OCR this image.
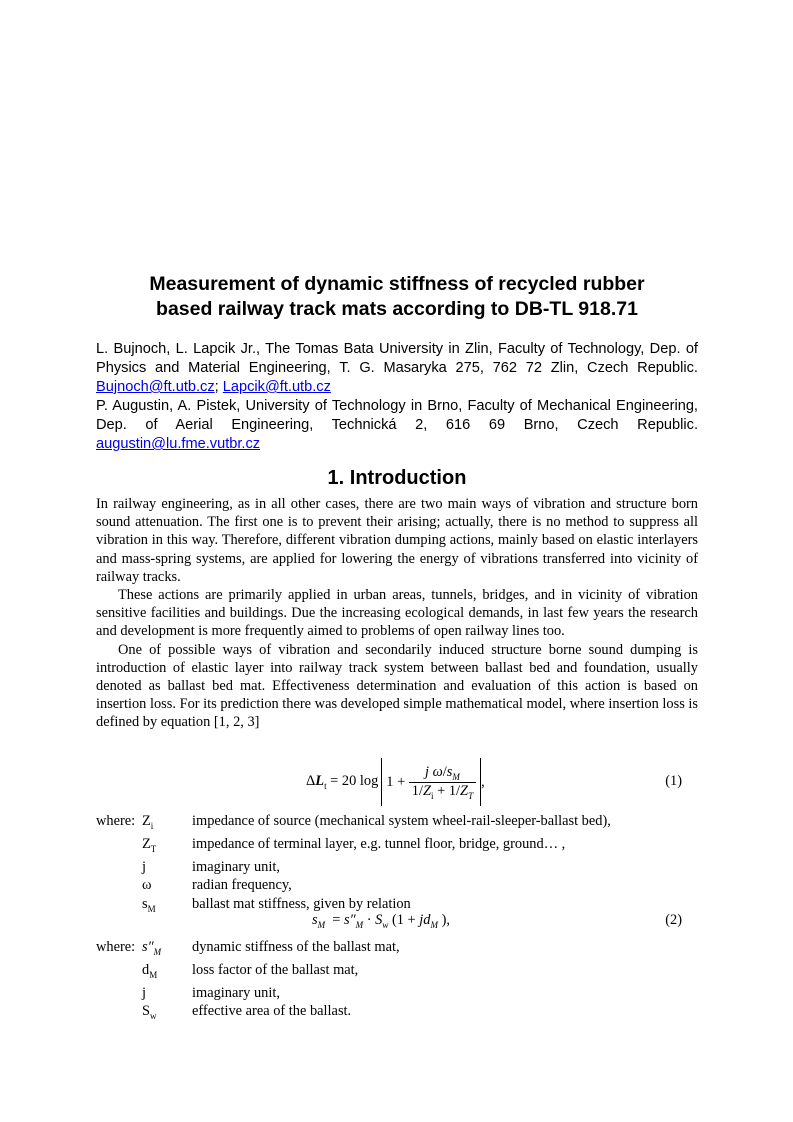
Measurement of dynamic stiffness of recycled rubber
based railway track mats according to DB-TL 918.71

L. Bujnoch, L. Lapcik Jr., The Tomas Bata University in Zlin, Faculty of Technology, Dep. of Physics and Material Engineering, T. G. Masaryka 275, 762 72 Zlin, Czech Republic. Bujnoch@ft.utb.cz; Lapcik@ft.utb.cz

P. Augustin, A. Pistek, University of Technology in Brno, Faculty of Mechanical Engineering, Dep. of Aerial Engineering, Technická 2, 616 69 Brno, Czech Republic. augustin@lu.fme.vutbr.cz

1. Introduction

In railway engineering, as in all other cases, there are two main ways of vibration and structure born sound attenuation. The first one is to prevent their arising; actually, there is no method to suppress all vibration in this way. Therefore, different vibration dumping actions, mainly based on elastic interlayers and mass-spring systems, are applied for lowering the energy of vibrations transferred into vicinity of railway tracks.

These actions are primarily applied in urban areas, tunnels, bridges, and in vicinity of vibration sensitive facilities and buildings. Due the increasing ecological demands, in last few years the research and development is more frequently aimed to problems of open railway lines too.

One of possible ways of vibration and secondarily induced structure borne sound dumping is introduction of elastic layer into railway track system between ballast bed and foundation, usually denoted as ballast bed mat. Effectiveness determination and evaluation of this action is based on insertion loss. For its prediction there was developed simple mathematical model, where insertion loss is defined by equation [1, 2, 3]

$\Delta L_t = 20$ $\log 1 + \frac{j \omega/s_M}{1/Z_i + 1/Z_T}$ ,	(1)
where: $Z_i$	impedance of source (mechanical system wheel-rail-sleeper-ballast bed),
$Z_T$	impedance of terminal layer, e.g. tunnel floor, bridge, ground… ,
j	imaginary unit,
ω	radian frequency,
$s_M$	ballast mat stiffness, given by relation
$s_M = s''_M \cdot S_w$ ($1 + jd_M$ ),	(2)
where: $s''_M$	dynamic stiffness of the ballast mat,
$d_M$	loss factor of the ballast mat,
j	imaginary unit,
$S_w$	effective area of the ballast.
